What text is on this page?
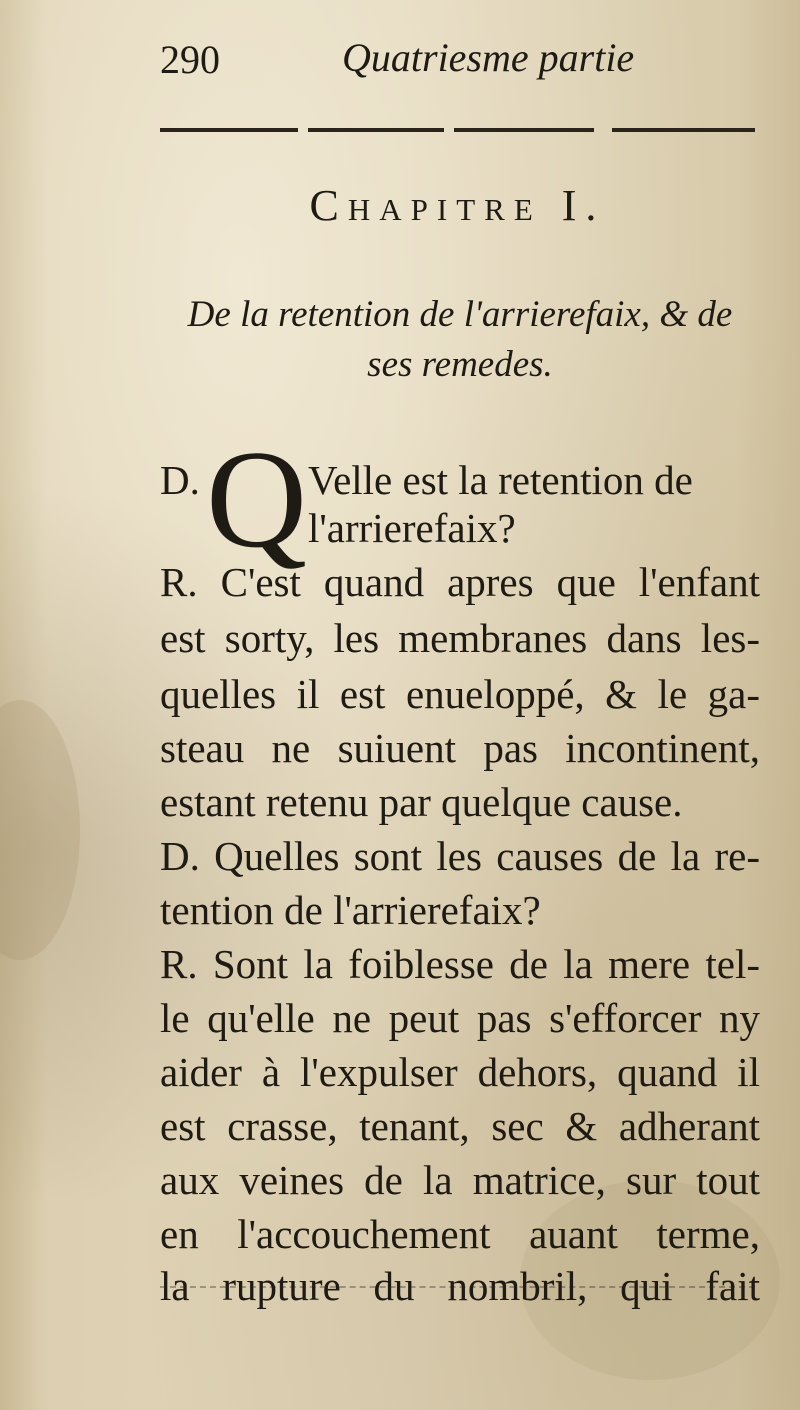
290	Quatriesme partie
Chapitre I.
De la retention de l'arrierefaix, & de
ses remedes.
D. Q Velle est la retention de
l'arrierefaix?
R. C'est quand apres que l'enfant
est sorty, les membranes dans les-
quelles il est enueloppé, & le ga-
steau ne suiuent pas incontinent,
estant retenu par quelque cause.
D. Quelles sont les causes de la re-
tention de l'arrierefaix?
R. Sont la foiblesse de la mere tel-
le qu'elle ne peut pas s'efforcer ny
aider à l'expulser dehors, quand il
est crasse, tenant, sec & adherant
aux veines de la matrice, sur tout
en l'accouchement auant terme,
la rupture du nombril, qui fait
